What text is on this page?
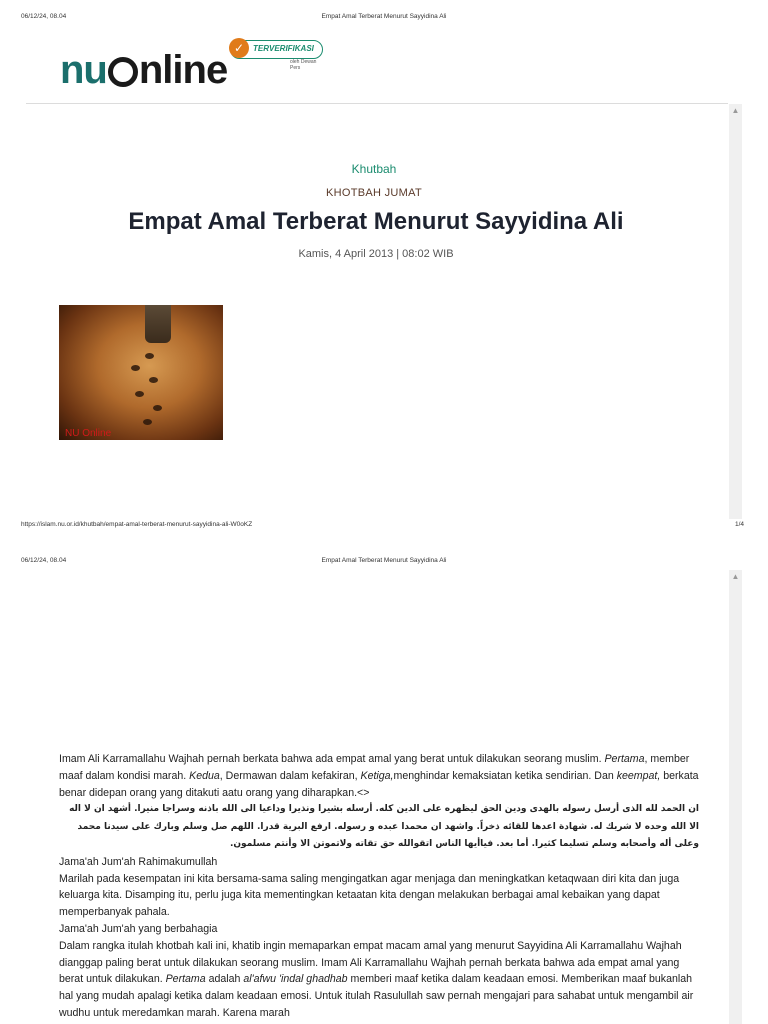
06/12/24, 08.04	Empat Amal Terberat Menurut Sayyidina Ali
nu nline ✓	TERVERIFIKASI
oleh Dewan Pers
▲
Khutbah
KHOTBAH JUMAT
Empat Amal Terberat Menurut Sayyidina Ali
Kamis, 4 April 2013 | 08:02 WIB
NU Online
https://islam.nu.or.id/khutbah/empat-amal-terberat-menurut-sayyidina-ali-W0oKZ	1/4
06/12/24, 08.04	Empat Amal Terberat Menurut Sayyidina Ali
▲

Imam Ali Karramallahu Wajhah pernah berkata bahwa ada empat amal yang berat untuk dilakukan seorang muslim. Pertama, member maaf dalam kondisi marah. Kedua, Dermawan dalam kefakiran, Ketiga,menghindar kemaksiatan ketika sendirian. Dan keempat, berkata benar didepan orang yang ditakuti aatu orang yang diharapkan.<>

ان الحمد لله الذى أرسل رسوله بالهدى ودين الحق ليظهره على الدين كله. أرسله بشيرا ونذيرا وداعيا الى الله باذنه وسراجا منيرا. أشهد ان لا اله الا الله وحده لا شريك له. شهادة اعدها للقائه ذخراً. واشهد ان محمدا عبده و رسوله. ارفع البرية قدرا. اللهم صل وسلم وبارك على سيدنا محمد وعلى أله وأصحابه وسلم تسليما كثيرا. أما بعد. فياأيها الناس اتقوالله حق تقاته ولاتموتن الا وأنتم مسلمون.

Jama'ah Jum'ah Rahimakumullah

Marilah pada kesempatan ini kita bersama-sama saling mengingatkan agar menjaga dan meningkatkan ketaqwaan diri kita dan juga keluarga kita. Disamping itu, perlu juga kita mementingkan ketaatan kita dengan melakukan berbagai amal kebaikan yang dapat memperbanyak pahala.

Jama'ah Jum'ah yang berbahagia

Dalam rangka itulah khotbah kali ini, khatib ingin memaparkan empat macam amal yang menurut Sayyidina Ali Karramallahu Wajhah dianggap paling berat untuk dilakukan seorang muslim. Imam Ali Karramallahu Wajhah pernah berkata bahwa ada empat amal yang berat untuk dilakukan. Pertama adalah al'afwu 'indal ghadhab memberi maaf ketika dalam keadaan emosi. Memberikan maaf bukanlah hal yang mudah apalagi ketika dalam keadaan emosi. Untuk itulah Rasulullah saw pernah mengajari para sahabat untuk mengambil air wudhu untuk meredamkan marah. Karena marah
